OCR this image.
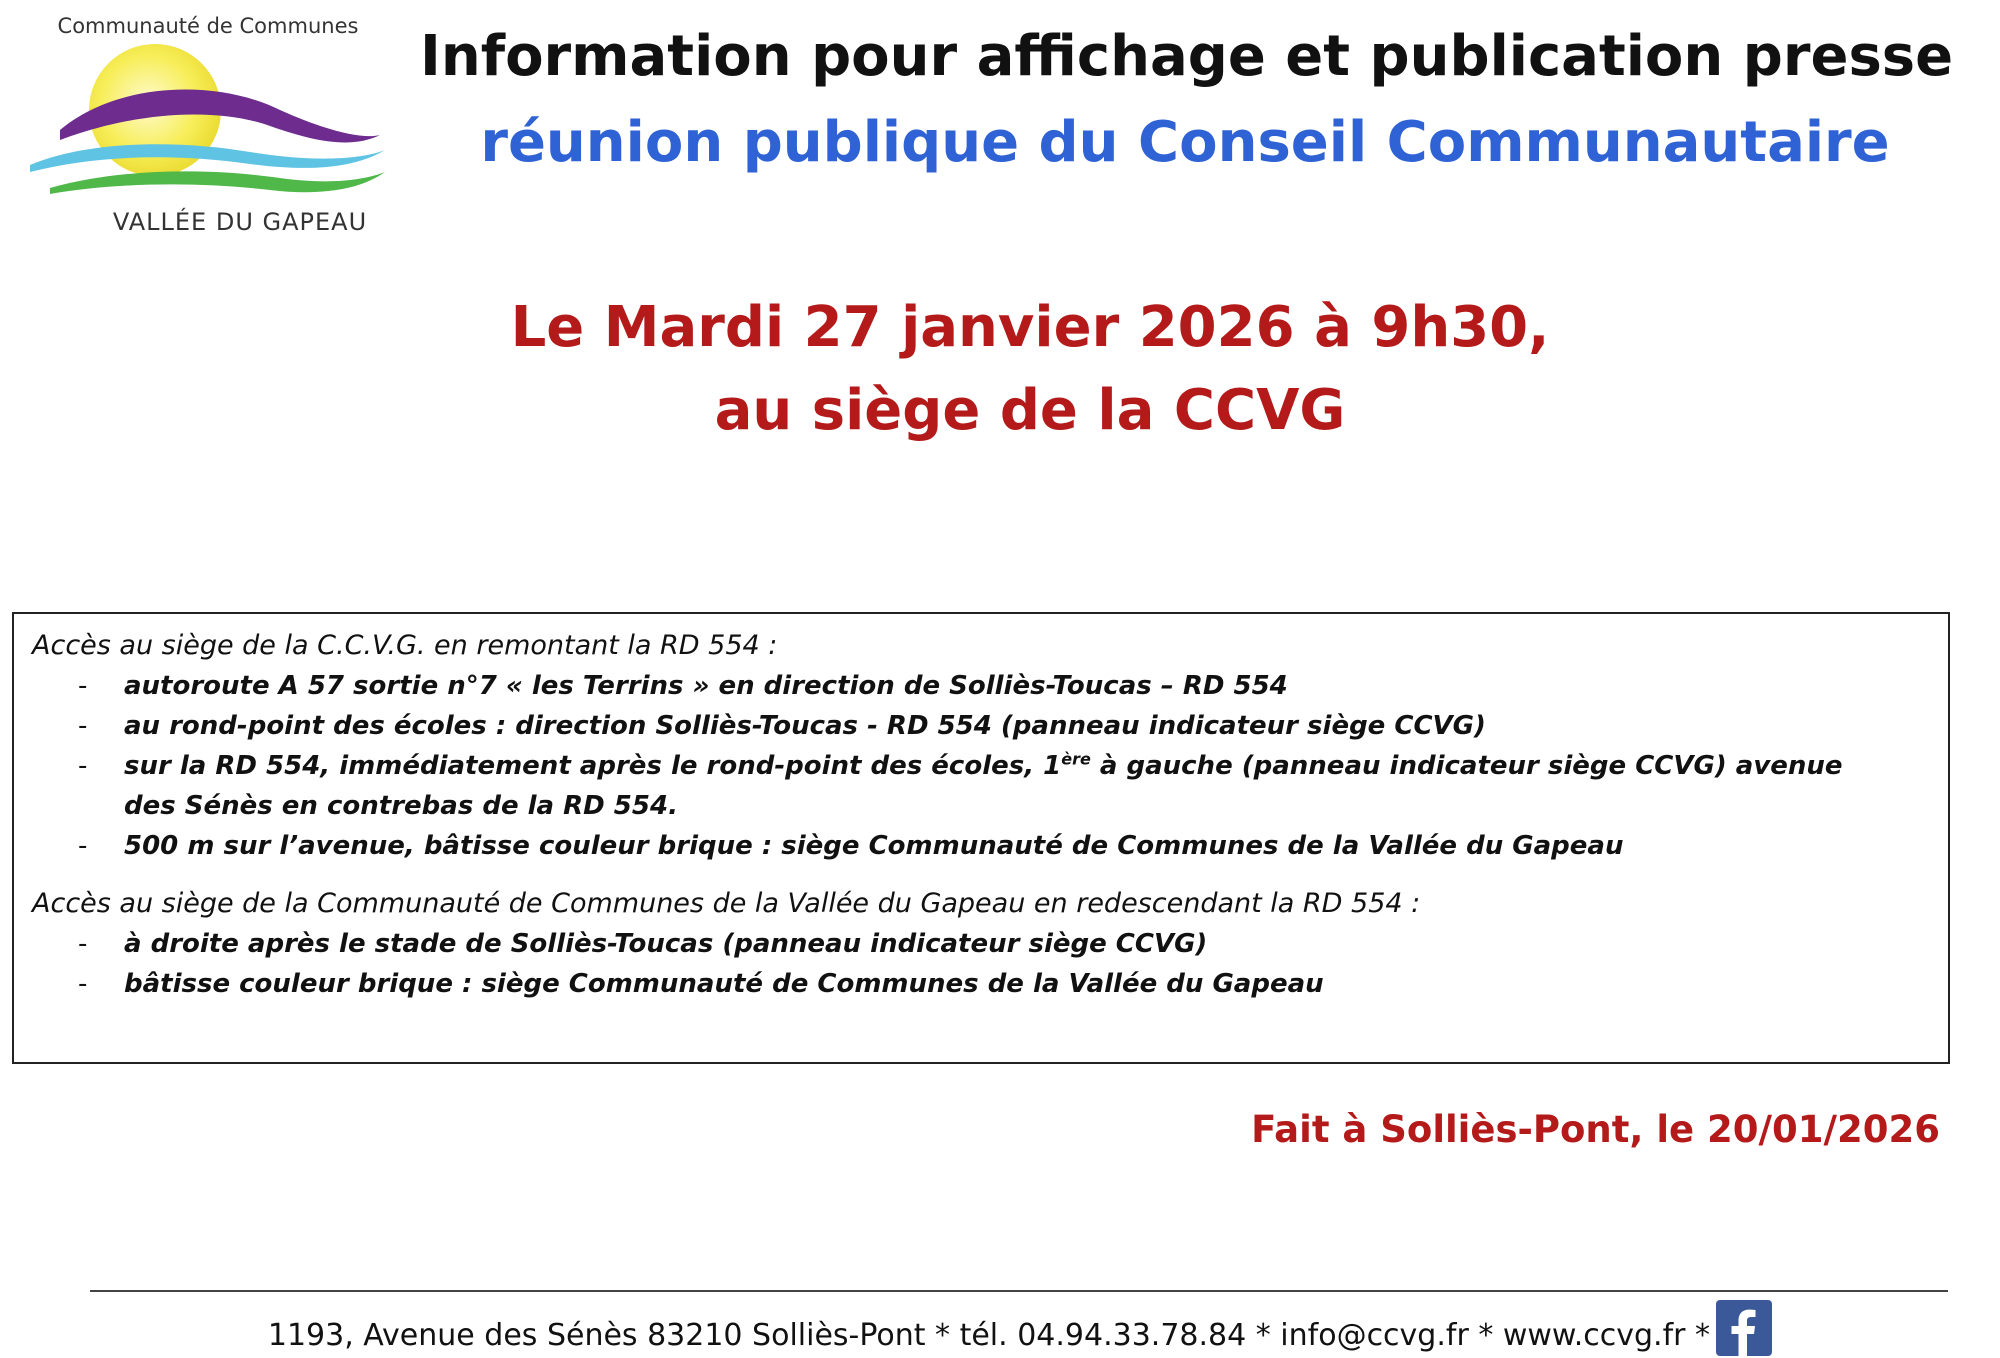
Communauté de Communes
VALLÉE DU GAPEAU
Information pour affichage et publication presse
réunion publique du Conseil Communautaire
Le Mardi 27 janvier 2026 à 9h30,
au siège de la CCVG
Accès au siège de la C.C.V.G. en remontant la RD 554 :
- autoroute A 57 sortie n°7 « les Terrins » en direction de Solliès-Toucas – RD 554
- au rond-point des écoles : direction Solliès-Toucas - RD 554 (panneau indicateur siège CCVG)
- sur la RD 554, immédiatement après le rond-point des écoles, 1ère à gauche (panneau indicateur siège CCVG) avenue des Sénès en contrebas de la RD 554.
- 500 m sur l’avenue, bâtisse couleur brique : siège Communauté de Communes de la Vallée du Gapeau
Accès au siège de la Communauté de Communes de la Vallée du Gapeau en redescendant la RD 554 :
- à droite après le stade de Solliès-Toucas (panneau indicateur siège CCVG)
- bâtisse couleur brique : siège Communauté de Communes de la Vallée du Gapeau
Fait à Solliès-Pont, le 20/01/2026
1193, Avenue des Sénès 83210 Solliès-Pont * tél. 04.94.33.78.84 * info@ccvg.fr * www.ccvg.fr *
